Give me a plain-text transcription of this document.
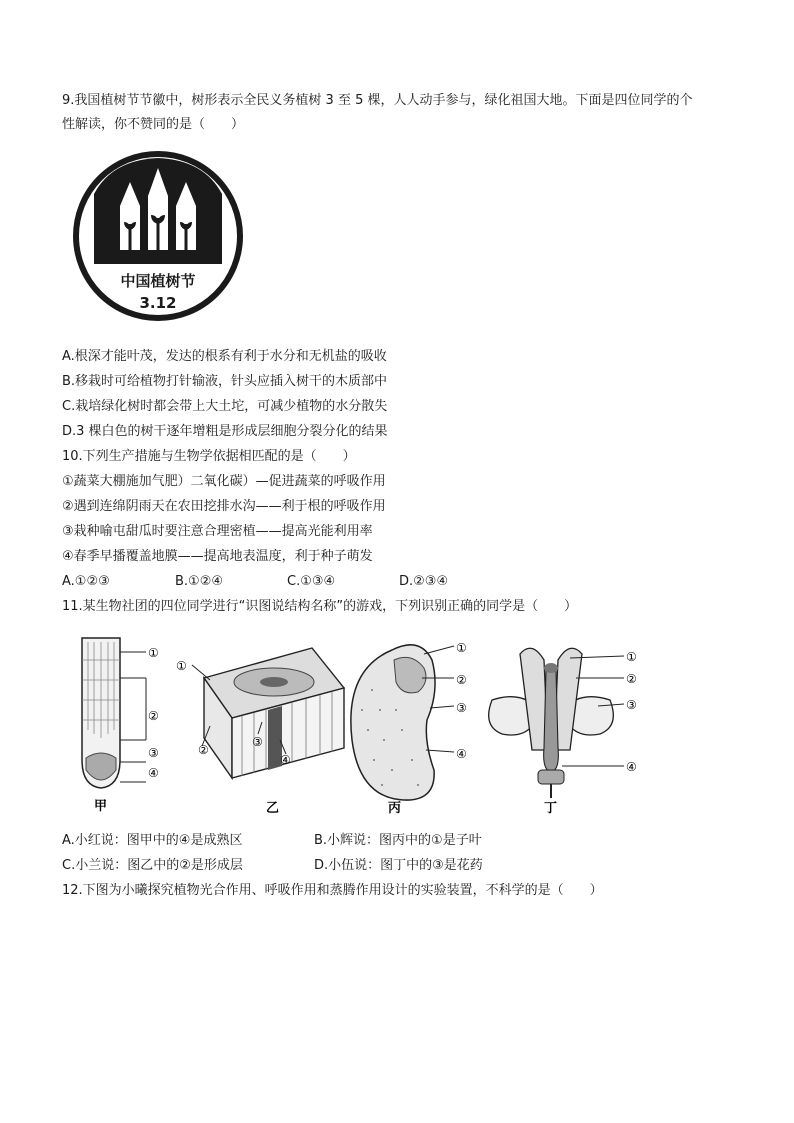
9.我国植树节节徽中，树形表示全民义务植树 3 至 5 棵，人人动手参与，绿化祖国大地。下面是四位同学的个
性解读，你不赞同的是（　　）
中国植树节
3.12
A.根深才能叶茂，发达的根系有利于水分和无机盐的吸收
B.移栽时可给植物打针输液，针头应插入树干的木质部中
C.栽培绿化树时都会带上大土坨，可减少植物的水分散失
D.3 棵白色的树干逐年增粗是形成层细胞分裂分化的结果
10.下列生产措施与生物学依据相匹配的是（　　）
①蔬菜大棚施加气肥）二氧化碳）—促进蔬菜的呼吸作用
②遇到连绵阴雨天在农田挖排水沟——利于根的呼吸作用
③栽种喻屯甜瓜时要注意合理密植——提高光能利用率
④春季早播覆盖地膜——提高地表温度，利于种子萌发
A.①②③	B.①②④	C.①③④	D.②③④
11.某生物社团的四位同学进行“识图说结构名称”的游戏，下列识别正确的同学是（　　）
①
②
③
④
甲
①
②
③
④
乙
①
②
③
④
丙
①
②
③
④
丁
A.小红说：图甲中的④是成熟区	B.小辉说：图丙中的①是子叶
C.小兰说：图乙中的②是形成层	D.小伍说：图丁中的③是花药
12.下图为小曦探究植物光合作用、呼吸作用和蒸腾作用设计的实验装置，不科学的是（　　）
